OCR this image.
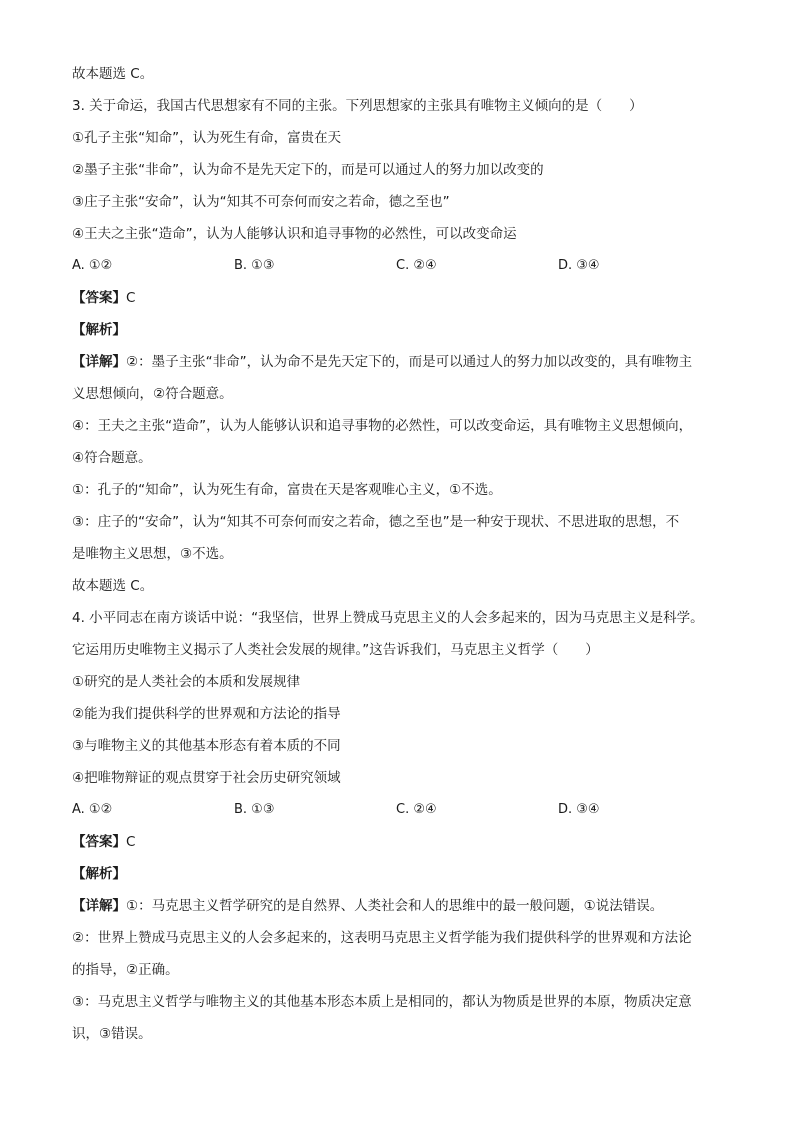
故本题选 C。
3. 关于命运，我国古代思想家有不同的主张。下列思想家的主张具有唯物主义倾向的是（　　）
①孔子主张“知命”，认为死生有命，富贵在天
②墨子主张“非命”，认为命不是先天定下的，而是可以通过人的努力加以改变的
③庄子主张“安命”，认为“知其不可奈何而安之若命，德之至也”
④王夫之主张“造命”，认为人能够认识和追寻事物的必然性，可以改变命运
A. ①②	B. ①③	C. ②④	D. ③④
【答案】C
【解析】
【详解】②：墨子主张“非命”，认为命不是先天定下的，而是可以通过人的努力加以改变的，具有唯物主
义思想倾向，②符合题意。
④：王夫之主张“造命”，认为人能够认识和追寻事物的必然性，可以改变命运，具有唯物主义思想倾向，
④符合题意。
①：孔子的“知命”，认为死生有命，富贵在天是客观唯心主义，①不选。
③：庄子的“安命”，认为“知其不可奈何而安之若命，德之至也”是一种安于现状、不思进取的思想，不
是唯物主义思想，③不选。
故本题选 C。
4. 小平同志在南方谈话中说：“我坚信，世界上赞成马克思主义的人会多起来的，因为马克思主义是科学。
它运用历史唯物主义揭示了人类社会发展的规律。”这告诉我们，马克思主义哲学（　　）
①研究的是人类社会的本质和发展规律
②能为我们提供科学的世界观和方法论的指导
③与唯物主义的其他基本形态有着本质的不同
④把唯物辩证的观点贯穿于社会历史研究领域
A. ①②	B. ①③	C. ②④	D. ③④
【答案】C
【解析】
【详解】①：马克思主义哲学研究的是自然界、人类社会和人的思维中的最一般问题，①说法错误。
②：世界上赞成马克思主义的人会多起来的，这表明马克思主义哲学能为我们提供科学的世界观和方法论
的指导，②正确。
③：马克思主义哲学与唯物主义的其他基本形态本质上是相同的，都认为物质是世界的本原，物质决定意
识，③错误。
